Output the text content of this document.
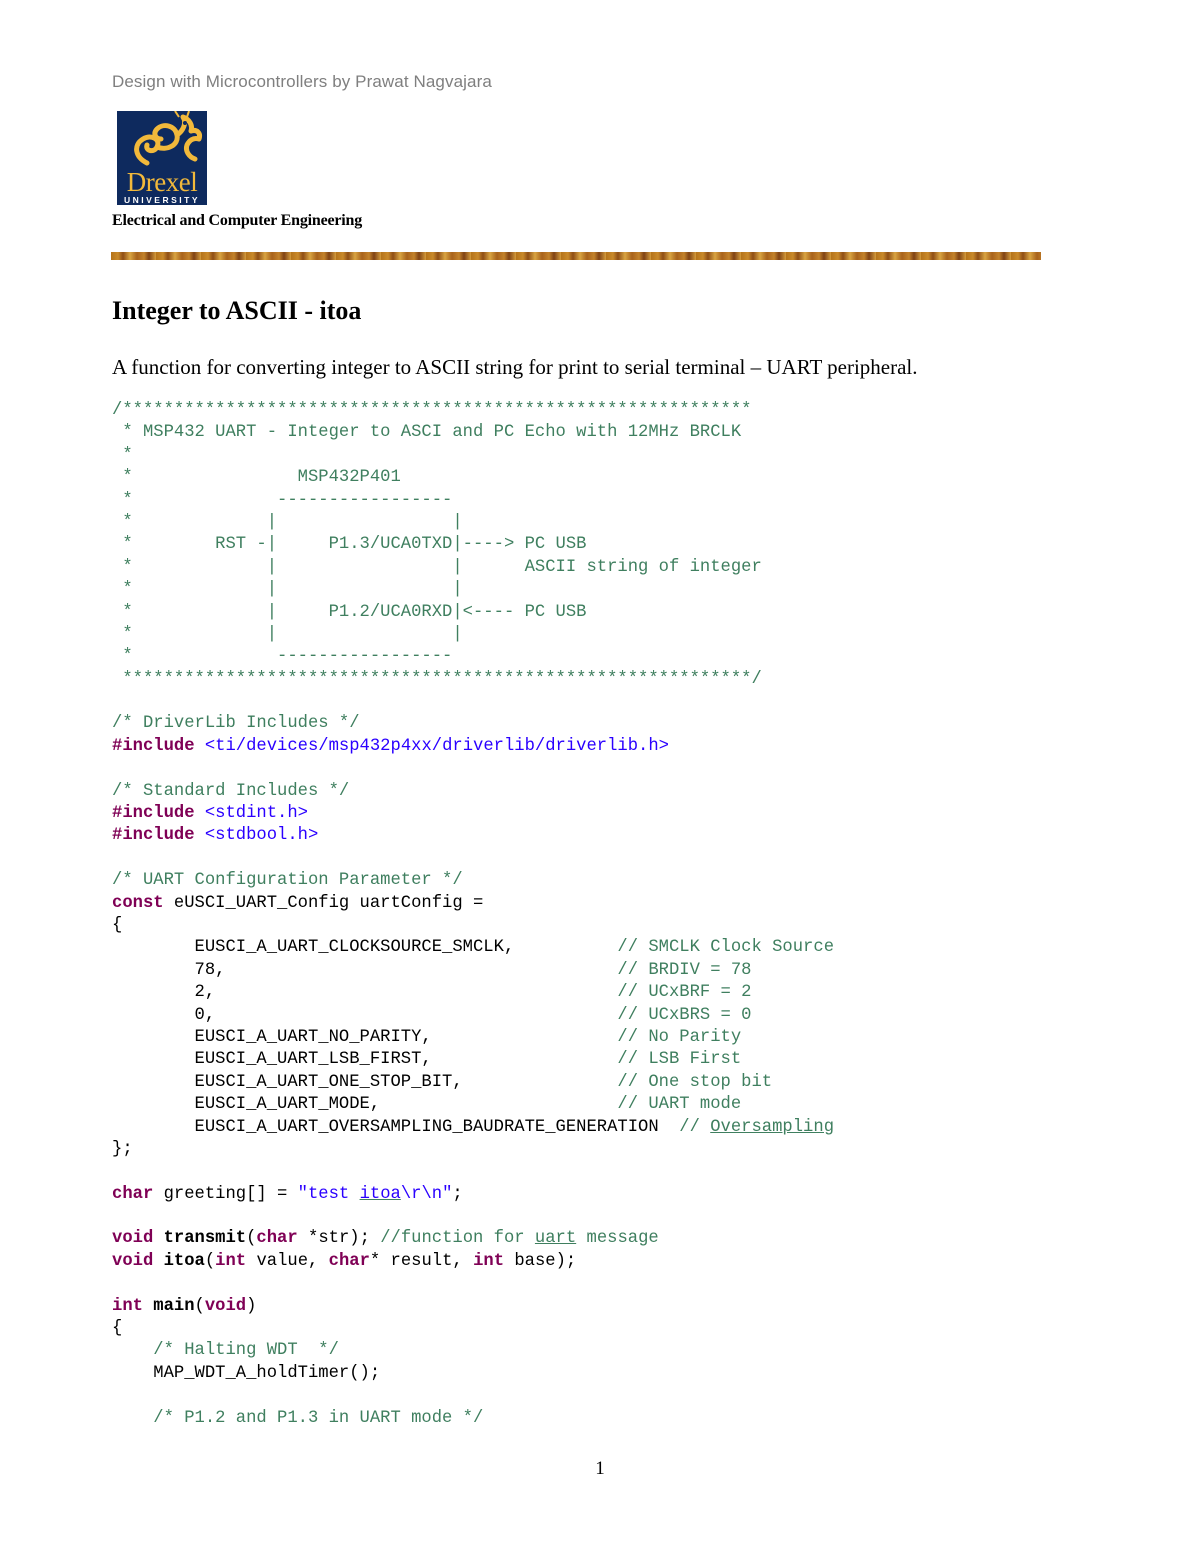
Design with Microcontrollers by Prawat Nagvajara
Drexel
UNIVERSITY
Electrical and Computer Engineering
Integer to ASCII - itoa
A function for converting integer to ASCII string for print to serial terminal – UART peripheral.
/*************************************************************
* MSP432 UART - Integer to ASCI and PC Echo with 12MHz BRCLK
*
*                MSP432P401
*              -----------------
*             |                 |
*        RST -|     P1.3/UCA0TXD|----> PC USB
*             |                 |      ASCII string of integer
*             |                 |
*             |     P1.2/UCA0RXD|<---- PC USB
*             |                 |
*              -----------------
*************************************************************/
/* DriverLib Includes */
#include <ti/devices/msp432p4xx/driverlib/driverlib.h>
/* Standard Includes */
#include <stdint.h>
#include <stdbool.h>
/* UART Configuration Parameter */
const eUSCI_UART_Config uartConfig =
{
EUSCI_A_UART_CLOCKSOURCE_SMCLK,          // SMCLK Clock Source
78,                                      // BRDIV = 78
2,                                       // UCxBRF = 2
0,                                       // UCxBRS = 0
EUSCI_A_UART_NO_PARITY,                  // No Parity
EUSCI_A_UART_LSB_FIRST,                  // LSB First
EUSCI_A_UART_ONE_STOP_BIT,               // One stop bit
EUSCI_A_UART_MODE,                       // UART mode
EUSCI_A_UART_OVERSAMPLING_BAUDRATE_GENERATION  // Oversampling
};
char greeting[] = "test itoa\r\n";
void transmit(char *str); //function for uart message
void itoa(int value, char* result, int base);
int main(void)
{
/* Halting WDT  */
MAP_WDT_A_holdTimer();
/* P1.2 and P1.3 in UART mode */
1
